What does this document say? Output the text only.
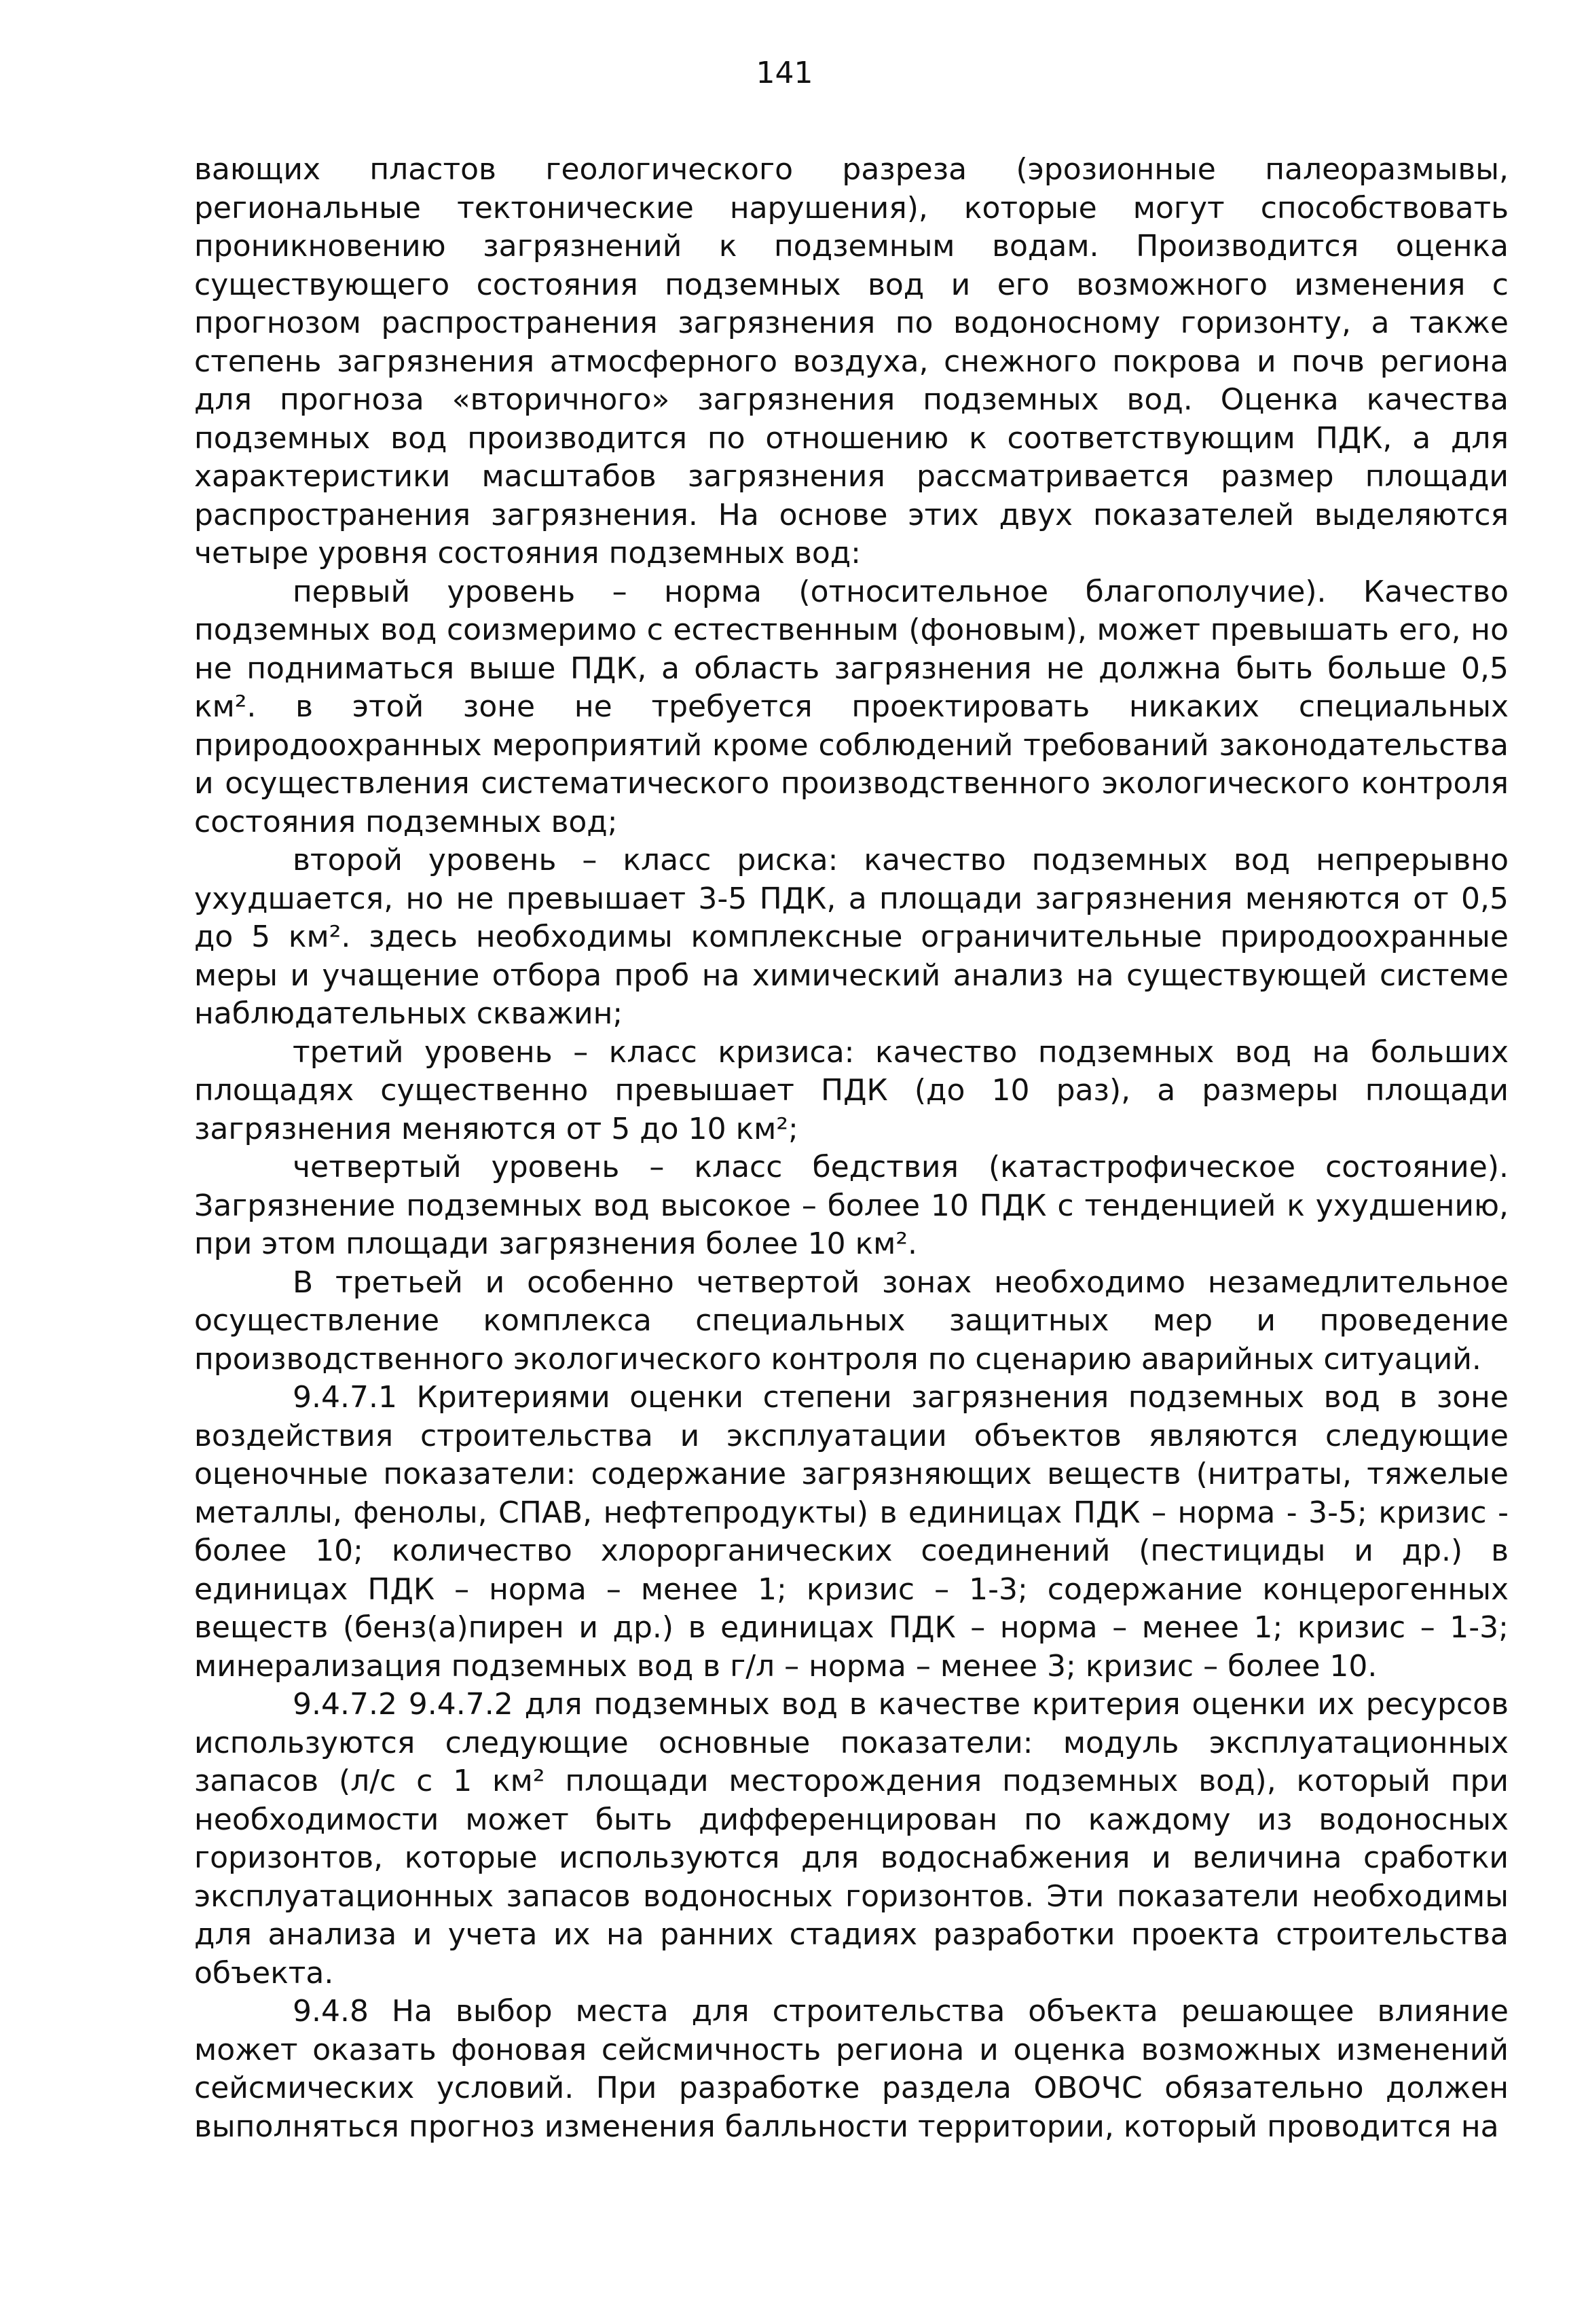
141

вающих пластов геологического разреза (эрозионные палеоразмывы, региональные тектонические нарушения), которые могут способствовать проникновению загрязнений к подземным водам. Производится оценка существующего состояния подземных вод и его возможного изменения с прогнозом распространения загрязнения по водоносному горизонту, а также степень загрязнения атмосферного воздуха, снежного покрова и почв региона для прогноза «вторичного» загрязнения подземных вод. Оценка качества подземных вод производится по отношению к соответствующим ПДК, а для характеристики масштабов загрязнения рассматривается размер площади распространения загрязнения. На основе этих двух показателей выделяются четыре уровня состояния подземных вод:

первый уровень – норма (относительное благополучие). Качество подземных вод соизмеримо с естественным (фоновым), может превышать его, но не подниматься выше ПДК, а область загрязнения не должна быть больше 0,5 км². в этой зоне не требуется проектировать никаких специальных природоохранных мероприятий кроме соблюдений требований законодательства и осуществления систематического производственного экологического контроля состояния подземных вод;

второй уровень – класс риска: качество подземных вод непрерывно ухудшается, но не превышает 3-5 ПДК, а площади загрязнения меняются от 0,5 до 5 км². здесь необходимы комплексные ограничительные природоохранные меры и учащение отбора проб на химический анализ на существующей системе наблюдательных скважин;

третий уровень – класс кризиса: качество подземных вод на больших площадях существенно превышает ПДК (до 10 раз), а размеры площади загрязнения меняются от 5 до 10 км²;

четвертый уровень – класс бедствия (катастрофическое состояние). Загрязнение подземных вод высокое – более 10 ПДК с тенденцией к ухудшению, при этом площади загрязнения более 10 км².

В третьей и особенно четвертой зонах необходимо незамедлительное осуществление комплекса специальных защитных мер и проведение производственного экологического контроля по сценарию аварийных ситуаций.

9.4.7.1 Критериями оценки степени загрязнения подземных вод в зоне воздействия строительства и эксплуатации объектов являются следующие оценочные показатели: содержание загрязняющих веществ (нитраты, тяжелые металлы, фенолы, СПАВ, нефтепродукты) в единицах ПДК – норма - 3-5; кризис - более 10; количество хлорорганических соединений (пестициды и др.) в единицах ПДК – норма – менее 1; кризис – 1-3; содержание концерогенных веществ (бенз(а)пирен и др.) в единицах ПДК – норма – менее 1; кризис – 1-3; минерализация подземных вод в г/л – норма – менее 3; кризис – более 10.

9.4.7.2 9.4.7.2 для подземных вод в качестве критерия оценки их ресурсов используются следующие основные показатели: модуль эксплуатационных запасов (л/с с 1 км² площади месторождения подземных вод), который при необходимости может быть дифференцирован по каждому из водоносных горизонтов, которые используются для водоснабжения и величина сработки эксплуатационных запасов водоносных горизонтов. Эти показатели необходимы для анализа и учета их на ранних стадиях разработки проекта строительства объекта.

9.4.8 На выбор места для строительства объекта решающее влияние может оказать фоновая сейсмичность региона и оценка возможных изменений сейсмических условий. При разработке раздела ОВОЧС обязательно должен выполняться прогноз изменения балльности территории, который проводится на
